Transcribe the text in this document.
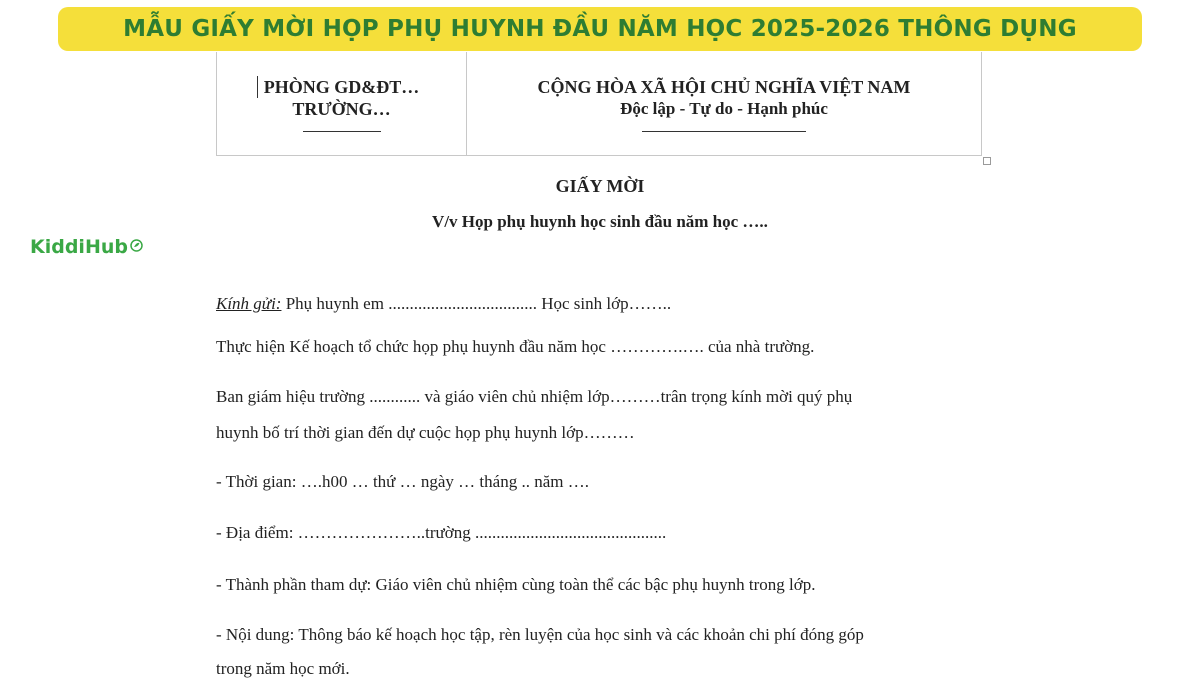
MẪU GIẤY MỜI HỌP PHỤ HUYNH ĐẦU NĂM HỌC 2025-2026 THÔNG DỤNG
KiddiHub
PHÒNG GD&ĐT…
TRƯỜNG…
CỘNG HÒA XÃ HỘI CHỦ NGHĨA VIỆT NAM
Độc lập - Tự do - Hạnh phúc
GIẤY MỜI
V/v Họp phụ huynh học sinh đầu năm học …..
Kính gửi: Phụ huynh em ................................... Học sinh lớp……..
Thực hiện Kế hoạch tổ chức họp phụ huynh đầu năm học ………….…. của nhà trường.
Ban giám hiệu trường ............ và giáo viên chủ nhiệm lớp………trân trọng kính mời quý phụ
huynh bố trí thời gian đến dự cuộc họp phụ huynh lớp………
- Thời gian: ….h00 … thứ … ngày … tháng .. năm ….
- Địa điểm: …………………..trường .............................................
- Thành phần tham dự: Giáo viên chủ nhiệm cùng toàn thể các bậc phụ huynh trong lớp.
- Nội dung: Thông báo kế hoạch học tập, rèn luyện của học sinh và các khoản chi phí đóng góp
trong năm học mới.
